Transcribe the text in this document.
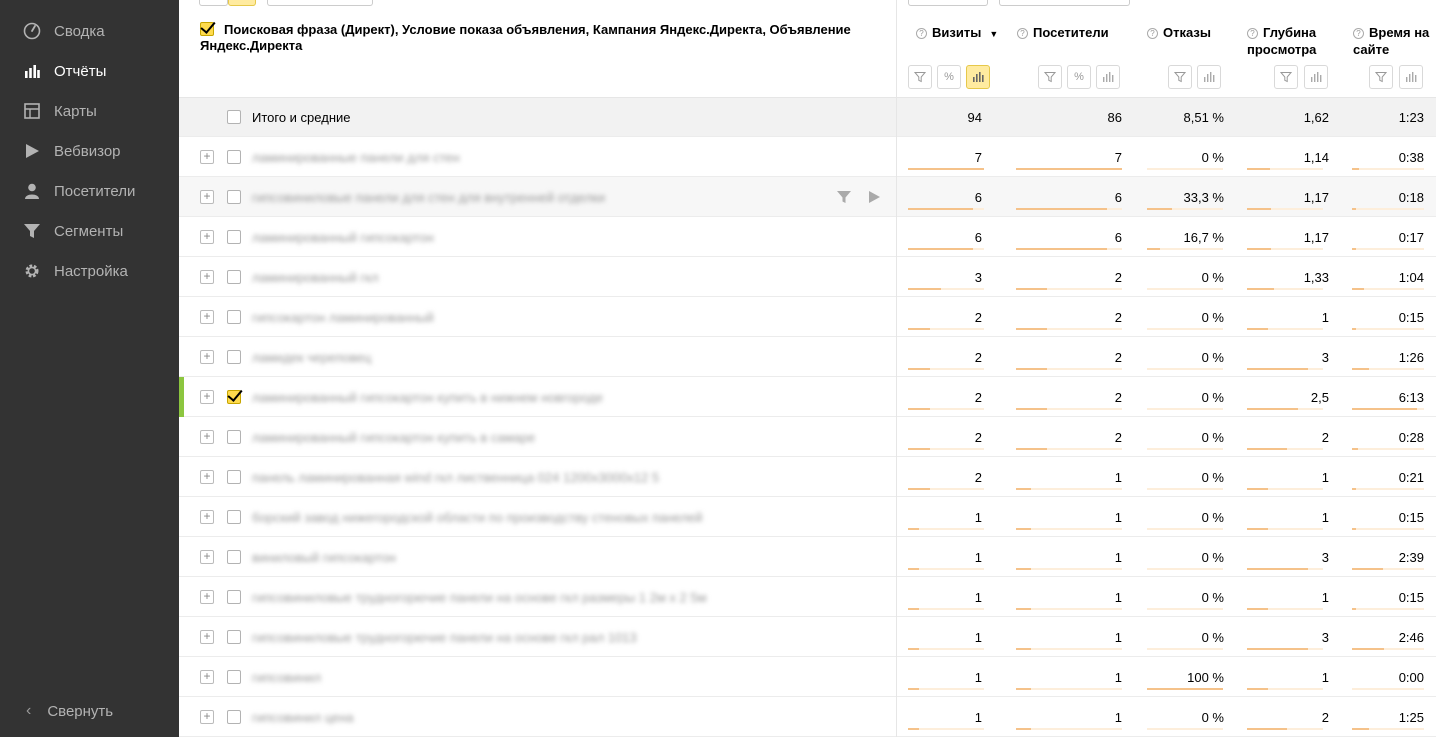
Сводка
Отчёты
Карты
Вебвизор
Посетители
Сегменты
Настройка
‹ Свернуть
Поисковая фраза (Директ), Условие показа объявления, Кампания Яндекс.Директа, Объявление Яндекс.Директа
? Визиты ▼	? Посетители	? Отказы	? Глубина просмотра
? Время на сайте
%	%
Итого и средние	94	86	8,51 %	1,62	1:23
+	ламинированные панели для стен	7	7	0 %	1,14	0:38
+	гипсовиниловые панели для стен для внутренней отделки	6	6	33,3 %	1,17	0:18
+	ламинированный гипсокартон	6	6	16,7 %	1,17	0:17
+	ламинированный гкл	3	2	0 %	1,33	1:04
+	гипсокартон ламинированный	2	2	0 %	1	0:15
+	ламидек череповец	2	2	0 %	3	1:26
+	ламинированный гипсокартон купить в нижнем новгороде	2	2	0 %	2,5	6:13
+	ламинированный гипсокартон купить в самаре	2	2	0 %	2	0:28
+	панель ламинированная wind гкл лиственница 024 1200x3000x12 5	2	1	0 %	1	0:21
+	борский завод нижегородской области по производству стеновых панелей	1	1	0 %	1	0:15
+	виниловый гипсокартон	1	1	0 %	3	2:39
+	гипсовиниловые трудногорючие панели на основе гкл размеры 1 2м х 2 5м	1	1	0 %	1	0:15
+	гипсовиниловые трудногорючие панели на основе гкл рал 1013	1	1	0 %	3	2:46
+	гипсовинил	1	1	100 %	1	0:00
+	гипсовинил цена	1	1	0 %	2	1:25
